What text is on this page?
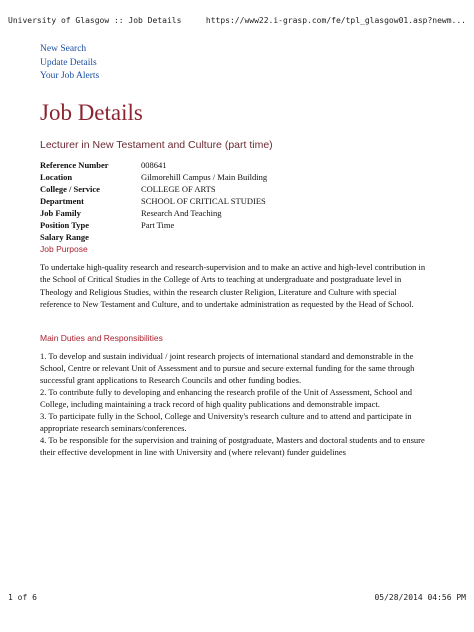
University of Glasgow :: Job Details	https://www22.i-grasp.com/fe/tpl_glasgow01.asp?newm...
New Search
Update Details
Your Job Alerts
Job Details
Lecturer in New Testament and Culture (part time)
Reference Number	008641
Location	Gilmorehill Campus / Main Building
College / Service	COLLEGE OF ARTS
Department	SCHOOL OF CRITICAL STUDIES
Job Family	Research And Teaching
Position Type	Part Time
Salary Range	
Job Purpose

To undertake high-quality research and research-supervision and to make an active and high-level contribution in the School of Critical Studies in the College of Arts to teaching at undergraduate and postgraduate level in Theology and Religious Studies, within the research cluster Religion, Literature and Culture with special reference to New Testament and Culture, and to undertake administration as requested by the Head of School.

Main Duties and Responsibilities

1. To develop and sustain individual / joint research projects of international standard and demonstrable in the School, Centre or relevant Unit of Assessment and to pursue and secure external funding for the same through successful grant applications to Research Councils and other funding bodies.

2. To contribute fully to developing and enhancing the research profile of the Unit of Assessment, School and College, including maintaining a track record of high quality publications and demonstrable impact.

3. To participate fully in the School, College and University's research culture and to attend and participate in appropriate research seminars/conferences.

4. To be responsible for the supervision and training of postgraduate, Masters and doctoral students and to ensure their effective development in line with University and (where relevant) funder guidelines

1 of 6	05/28/2014 04:56 PM
